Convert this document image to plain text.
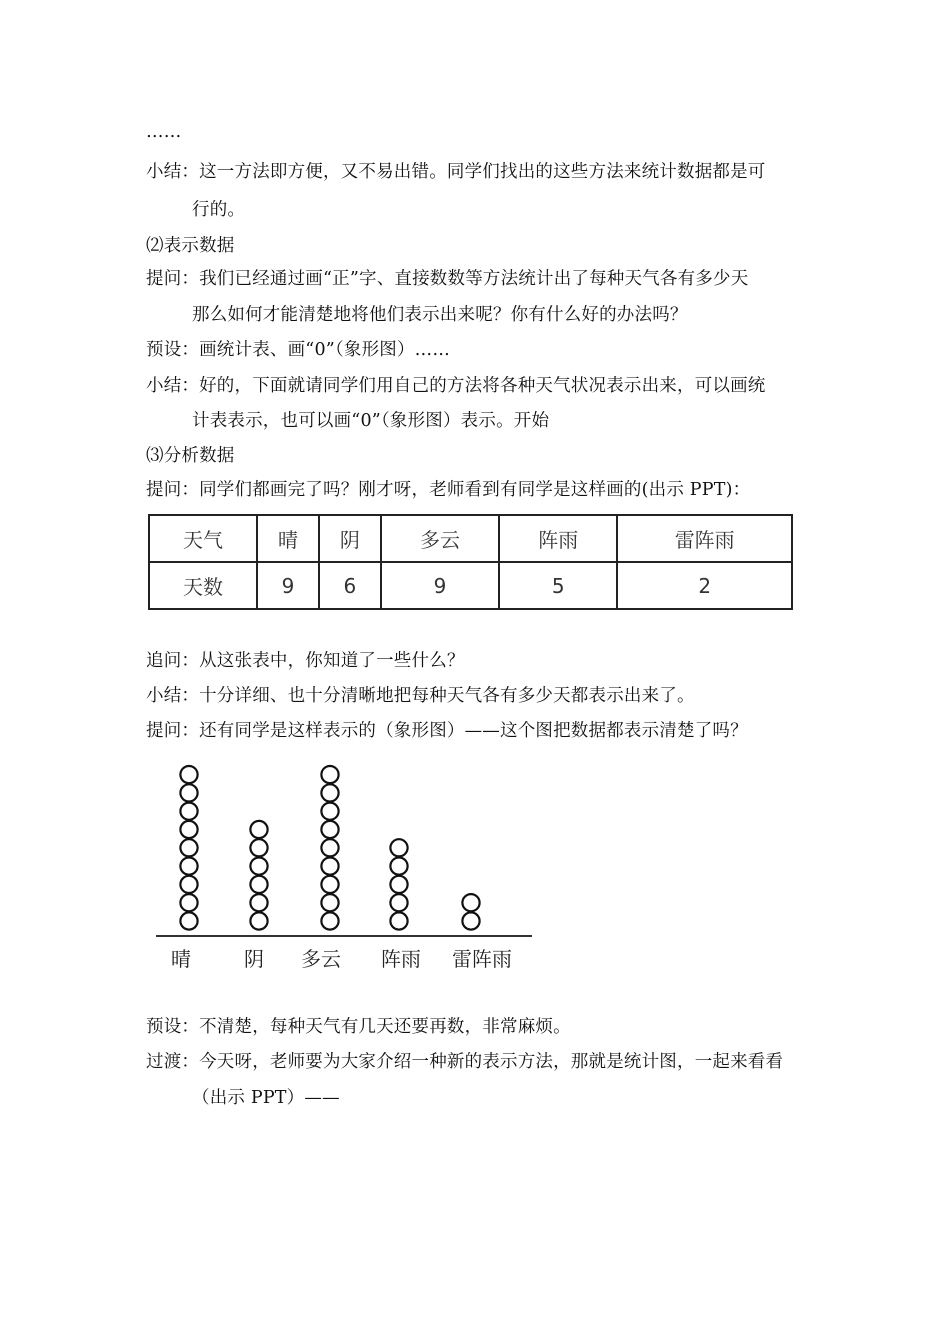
……
小结：这一方法即方便，又不易出错。同学们找出的这些方法来统计数据都是可
行的。
⑵表示数据
提问：我们已经通过画“正”字、直接数数等方法统计出了每种天气各有多少天
那么如何才能清楚地将他们表示出来呢？你有什么好的办法吗？
预设：画统计表、画“0”（象形图）……
小结：好的，下面就请同学们用自己的方法将各种天气状况表示出来，可以画统
计表表示，也可以画“0”（象形图）表示。开始
⑶分析数据
提问：同学们都画完了吗？刚才呀，老师看到有同学是这样画的(出示 PPT)：
天气	晴	阴	多云	阵雨	雷阵雨
天数	9	6	9	5	2
追问：从这张表中，你知道了一些什么？
小结：十分详细、也十分清晰地把每种天气各有多少天都表示出来了。
提问：还有同学是这样表示的（象形图）——这个图把数据都表示清楚了吗？
晴	阴 多云 阵雨 雷阵雨
预设：不清楚，每种天气有几天还要再数，非常麻烦。
过渡：今天呀，老师要为大家介绍一种新的表示方法，那就是统计图，一起来看看
（出示 PPT）——
